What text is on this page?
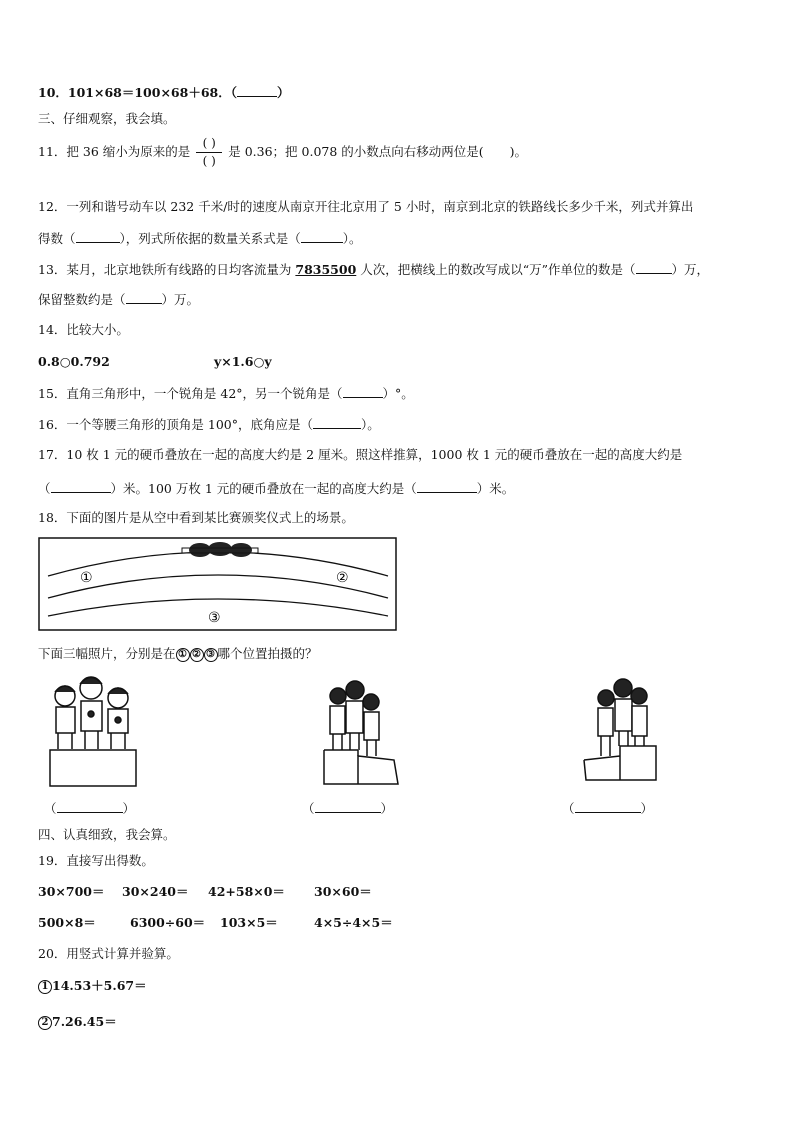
10．101×68＝100×68＋68．（	）
三、仔细观察，我会填。
11．把 36 缩小为原来的是 $\frac{( )}{( )}$ 是 0.36；把 0.078 的小数点向右移动两位是( )。
12．一列和谐号动车以 232 千米/时的速度从南京开往北京用了 5 小时，南京到北京的铁路线长多少千米，列式并算出
得数（	），列式所依据的数量关系式是（	）。
13．某月，北京地铁所有线路的日均客流量为 7835500 人次，把横线上的数改写成以“万”作单位的数是（	）万，
保留整数约是（	）万。
14．比较大小。
0.8○0.792	y×1.6○y
15．直角三角形中，一个锐角是 42°，另一个锐角是（	）°。
16．一个等腰三角形的顶角是 100°，底角应是（	）。
17．10 枚 1 元的硬币叠放在一起的高度大约是 2 厘米。照这样推算，1000 枚 1 元的硬币叠放在一起的高度大约是
（	）米。100 万枚 1 元的硬币叠放在一起的高度大约是（	）米。
18．下面的图片是从空中看到某比赛颁奖仪式上的场景。
①	②
③
下面三幅照片，分别是在 ① ② ③ 哪个位置拍摄的？
（	）	（	）	（	）
四、认真细致，我会算。
19．直接写出得数。
30×700＝ 30×240＝ 42+58×0＝ 30×60＝
500×8＝	6300÷60＝ 103×5＝	4×5÷4×5＝
20．用竖式计算并验算。
1 14.53＋5.67＝
2 7.26.45＝
